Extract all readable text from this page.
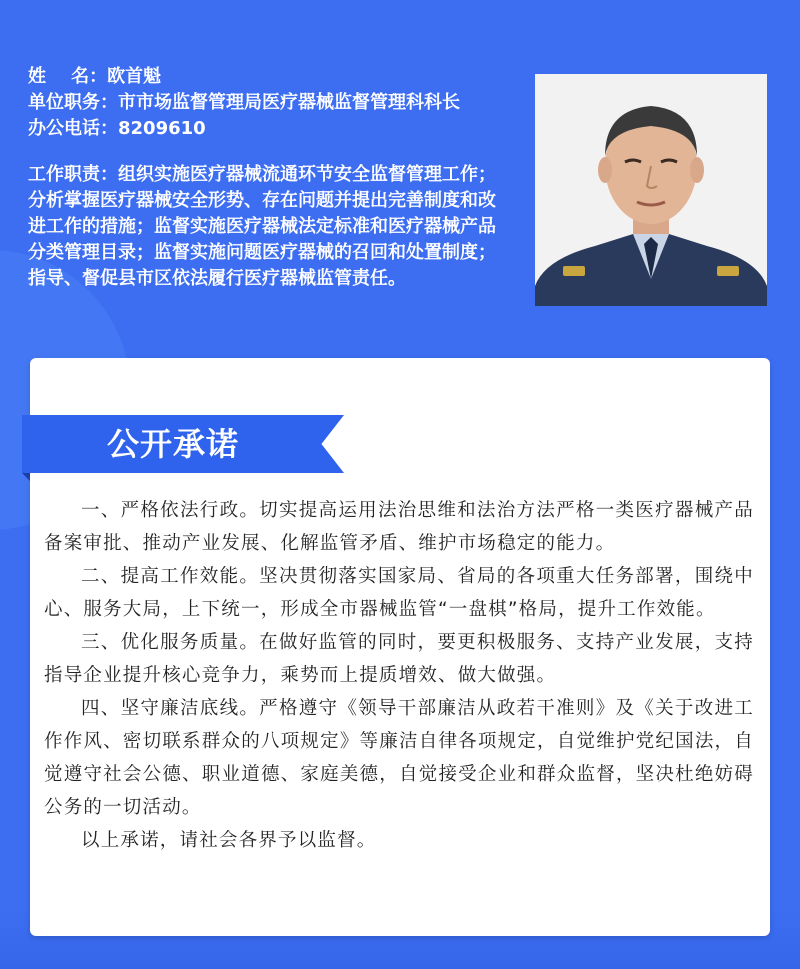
姓    名： 欧首魁
单位职务： 市市场监督管理局医疗器械监督管理科科长
办公电话： 8209610
工作职责：组织实施医疗器械流通环节安全监督管理工作；分析掌握医疗器械安全形势、存在问题并提出完善制度和改进工作的措施；监督实施医疗器械法定标准和医疗器械产品分类管理目录；监督实施问题医疗器械的召回和处置制度；指导、督促县市区依法履行医疗器械监管责任。
公开承诺

一、严格依法行政。切实提高运用法治思维和法治方法严格一类医疗器械产品备案审批、推动产业发展、化解监管矛盾、维护市场稳定的能力。

二、提高工作效能。坚决贯彻落实国家局、省局的各项重大任务部署，围绕中心、服务大局，上下统一，形成全市器械监管“一盘棋”格局，提升工作效能。

三、优化服务质量。在做好监管的同时，要更积极服务、支持产业发展，支持指导企业提升核心竞争力，乘势而上提质增效、做大做强。

四、坚守廉洁底线。严格遵守《领导干部廉洁从政若干准则》及《关于改进工作作风、密切联系群众的八项规定》等廉洁自律各项规定，自觉维护党纪国法，自觉遵守社会公德、职业道德、家庭美德，自觉接受企业和群众监督，坚决杜绝妨碍公务的一切活动。

以上承诺，请社会各界予以监督。
